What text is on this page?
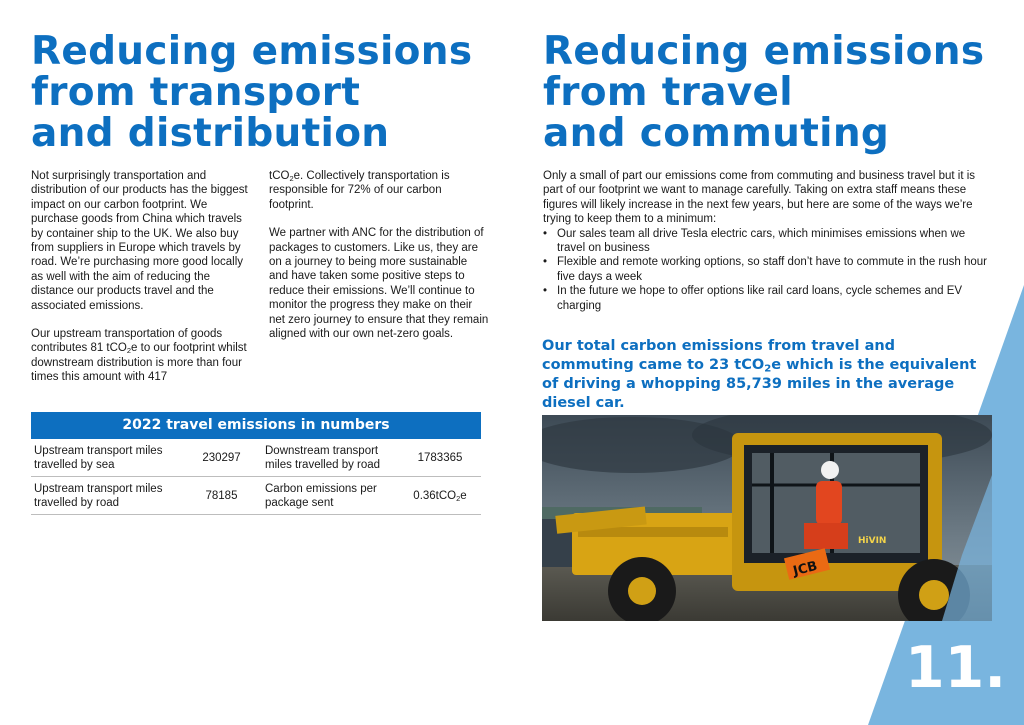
Reducing emissions
from transport
and distribution

Not surprisingly transportation and distribution of our products has the biggest impact on our carbon footprint. We purchase goods from China which travels by container ship to the UK. We also buy from suppliers in Europe which travels by road. We’re purchasing more good locally as well with the aim of reducing the distance our products travel and the associated emissions.

Our upstream transportation of goods contributes 81 tCO$_2$e to our footprint whilst downstream distribution is more than four times this amount with 417

tCO$_2$e. Collectively transportation is responsible for 72% of our carbon footprint.

We partner with ANC for the distribution of packages to customers. Like us, they are on a journey to being more sustainable and have taken some positive steps to reduce their emissions. We’ll continue to monitor the progress they make on their net zero journey to ensure that they remain aligned with our own net-zero goals.

2022 travel emissions in numbers
Upstream transport miles travelled by sea
230297
Downstream transport miles travelled by road
1783365
Upstream transport miles travelled by road
78185
Carbon emissions per package sent
0.36tCO$_2$e
Reducing emissions
from travel
and commuting
Only a small of part our emissions come from commuting and business travel but it is part of our footprint we want to manage carefully. Taking on extra staff means these figures will likely increase in the next few years, but here are some of the ways we’re trying to keep them to a minimum:
• Our sales team all drive Tesla electric cars, which minimises emissions when we travel on business
• Flexible and remote working options, so staff don’t have to commute in the rush hour five days a week
• In the future we hope to offer options like rail card loans, cycle schemes and EV charging
Our total carbon emissions from travel and commuting came to 23 tCO$_2$e which is the equivalent of driving a whopping 85,739 miles in the average diesel car.
JCB
HiVIN
11.
